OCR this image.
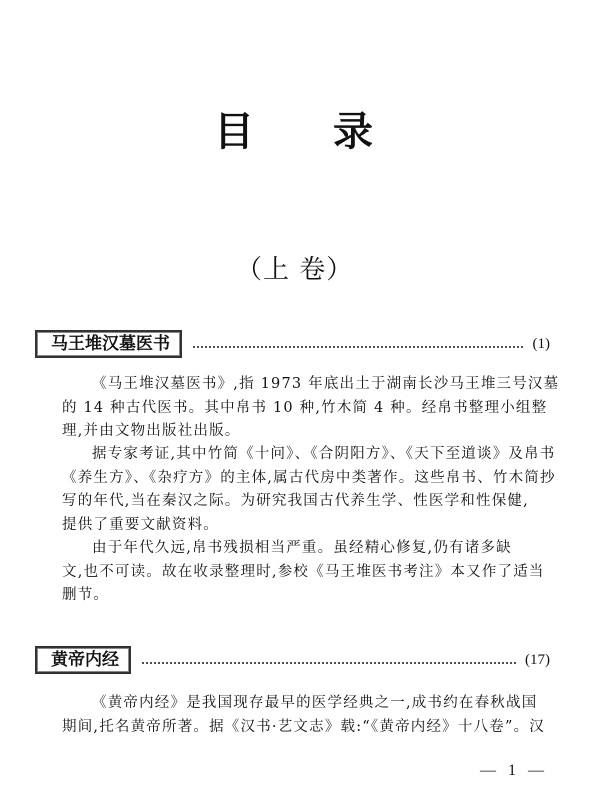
目 录
（上 卷）
马王堆汉墓医书	(1)

《马王堆汉墓医书》,指 1973 年底出土于湖南长沙马王堆三号汉墓
的 14 种古代医书。其中帛书 10 种,竹木简 4 种。经帛书整理小组整
理,并由文物出版社出版。

据专家考证,其中竹简《十问》、《合阴阳方》、《天下至道谈》及帛书
《养生方》、《杂疗方》的主体,属古代房中类著作。这些帛书、竹木简抄
写的年代,当在秦汉之际。为研究我国古代养生学、性医学和性保健,
提供了重要文献资料。

由于年代久远,帛书残损相当严重。虽经精心修复,仍有诸多缺
文,也不可读。故在收录整理时,参校《马王堆医书考注》本又作了适当
删节。

黄帝内经	(17)

《黄帝内经》是我国现存最早的医学经典之一,成书约在春秋战国
期间,托名黄帝所著。据《汉书·艺文志》载:“《黄帝内经》十八卷”。汉

— 1 —
